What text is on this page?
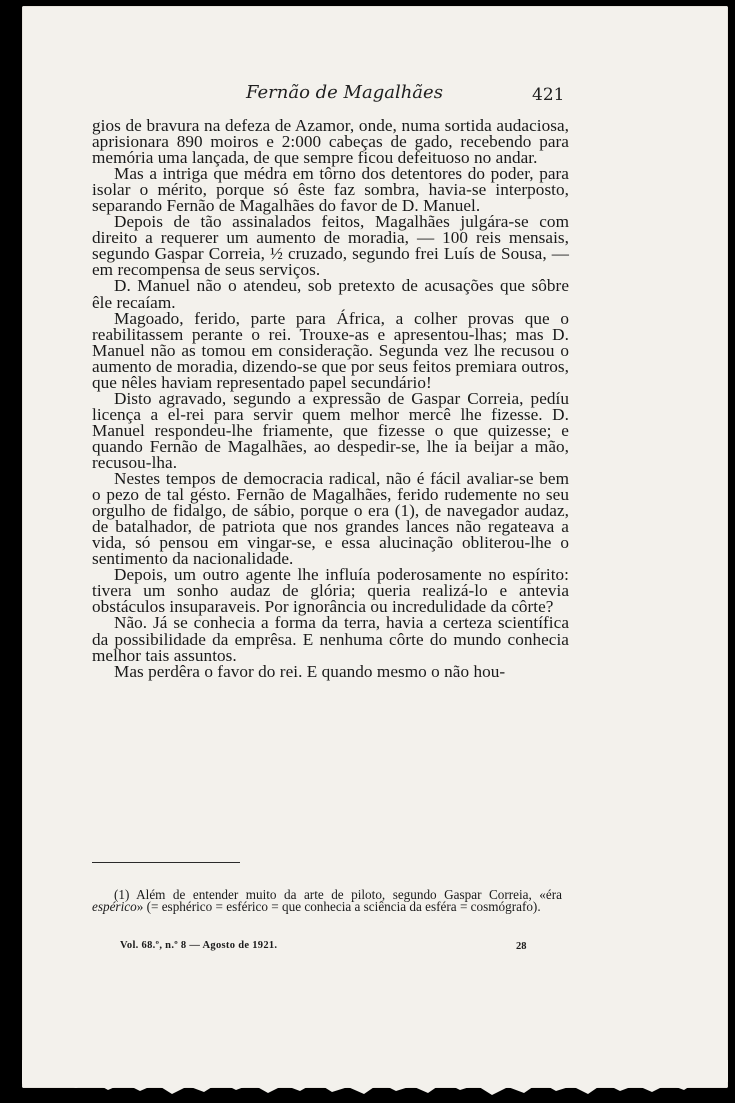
Fernão de Magalhães	421

gios de bravura na defeza de Azamor, onde, numa sortida audaciosa, aprisionara 890 moiros e 2:000 cabeças de gado, recebendo para memória uma lançada, de que sempre ficou defeituoso no andar.

Mas a intriga que médra em tôrno dos detentores do poder, para isolar o mérito, porque só êste faz sombra, havia-se interposto, separando Fernão de Magalhães do favor de D. Manuel.

Depois de tão assinalados feitos, Magalhães julgára-se com direito a requerer um aumento de moradia, — 100 reis mensais, segundo Gaspar Correia, ½ cruzado, segundo frei Luís de Sousa, — em recompensa de seus serviços.

D. Manuel não o atendeu, sob pretexto de acusações que sôbre êle recaíam.

Magoado, ferido, parte para África, a colher provas que o reabilitassem perante o rei. Trouxe-as e apresentou-lhas; mas D. Manuel não as tomou em consideração. Segunda vez lhe recusou o aumento de moradia, dizendo-se que por seus feitos premiara outros, que nêles haviam representado papel secundário!

Disto agravado, segundo a expressão de Gaspar Correia, pedíu licença a el-rei para servir quem melhor mercê lhe fizesse. D. Manuel respondeu-lhe friamente, que fizesse o que quizesse; e quando Fernão de Magalhães, ao despedir-se, lhe ia beijar a mão, recusou-lha.

Nestes tempos de democracia radical, não é fácil avaliar-se bem o pezo de tal gésto. Fernão de Magalhães, ferido rudemente no seu orgulho de fidalgo, de sábio, porque o era (1), de navegador audaz, de batalhador, de patriota que nos grandes lances não regateava a vida, só pensou em vingar-se, e essa alucinação obliterou-lhe o sentimento da nacionalidade.

Depois, um outro agente lhe influía poderosamente no espírito: tivera um sonho audaz de glória; queria realizá-lo e antevia obstáculos insuparaveis. Por ignorância ou incredulidade da côrte?

Não. Já se conhecia a forma da terra, havia a certeza scientífica da possibilidade da emprêsa. E nenhuma côrte do mundo conhecia melhor tais assuntos.

Mas perdêra o favor do rei. E quando mesmo o não hou-

(1) Além de entender muito da arte de piloto, segundo Gaspar Correia, «éra espérico» (= esphérico = esférico = que conhecia a sciência da esféra = cosmógrafo).

Vol. 68.º, n.º 8 — Agosto de 1921.	28
